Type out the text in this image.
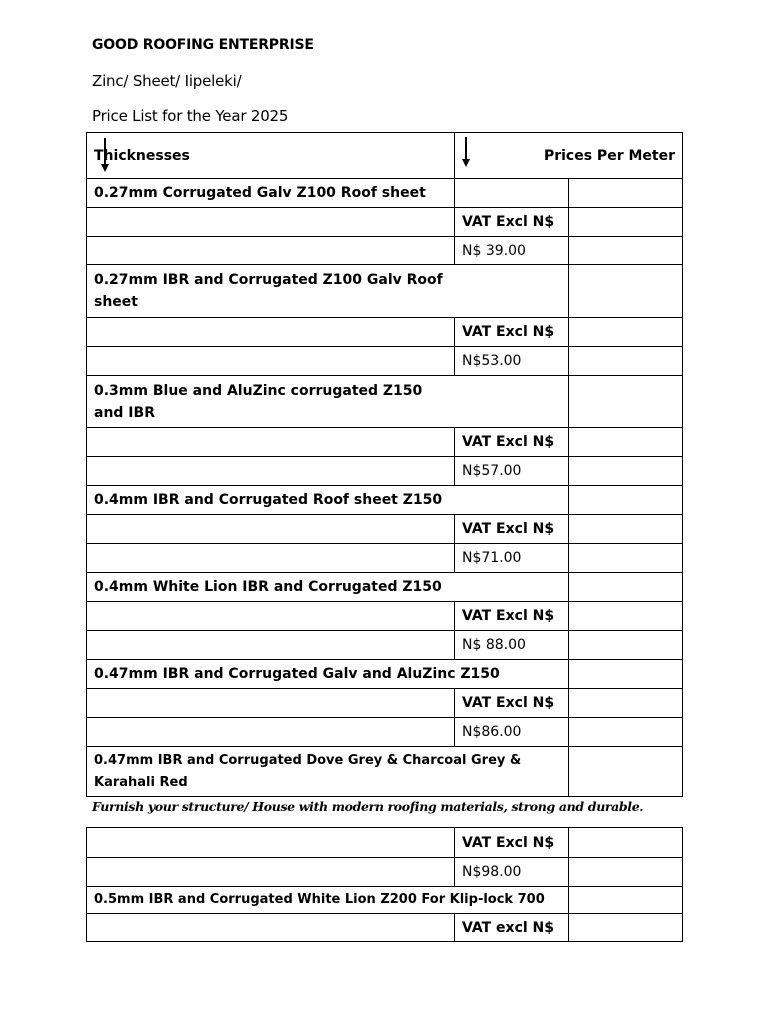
GOOD ROOFING ENTERPRISE

Zinc/ Sheet/ Iipeleki/

Price List for the Year 2025

Thicknesses	Prices Per Meter	
0.27mm Corrugated Galv Z100 Roof sheet		
	VAT Excl N$	
	N$ 39.00	
0.27mm IBR and Corrugated Z100 Galv Roof sheet		
	VAT Excl N$	
	N$53.00	
0.3mm Blue and AluZinc corrugated Z150 and IBR		
	VAT Excl N$	
	N$57.00	
0.4mm IBR and Corrugated Roof sheet Z150		
	VAT Excl N$	
	N$71.00	
0.4mm White Lion IBR and Corrugated Z150		
	VAT Excl N$	
	N$ 88.00	
0.47mm IBR and Corrugated Galv and AluZinc Z150		
	VAT Excl N$	
	N$86.00	
0.47mm IBR and Corrugated Dove Grey & Charcoal Grey & Karahali Red		

Furnish your structure/ House with modern roofing materials, strong and durable.

	VAT Excl N$	
	N$98.00	
0.5mm IBR and Corrugated White Lion Z200 For Klip-lock 700		
	VAT excl N$	
